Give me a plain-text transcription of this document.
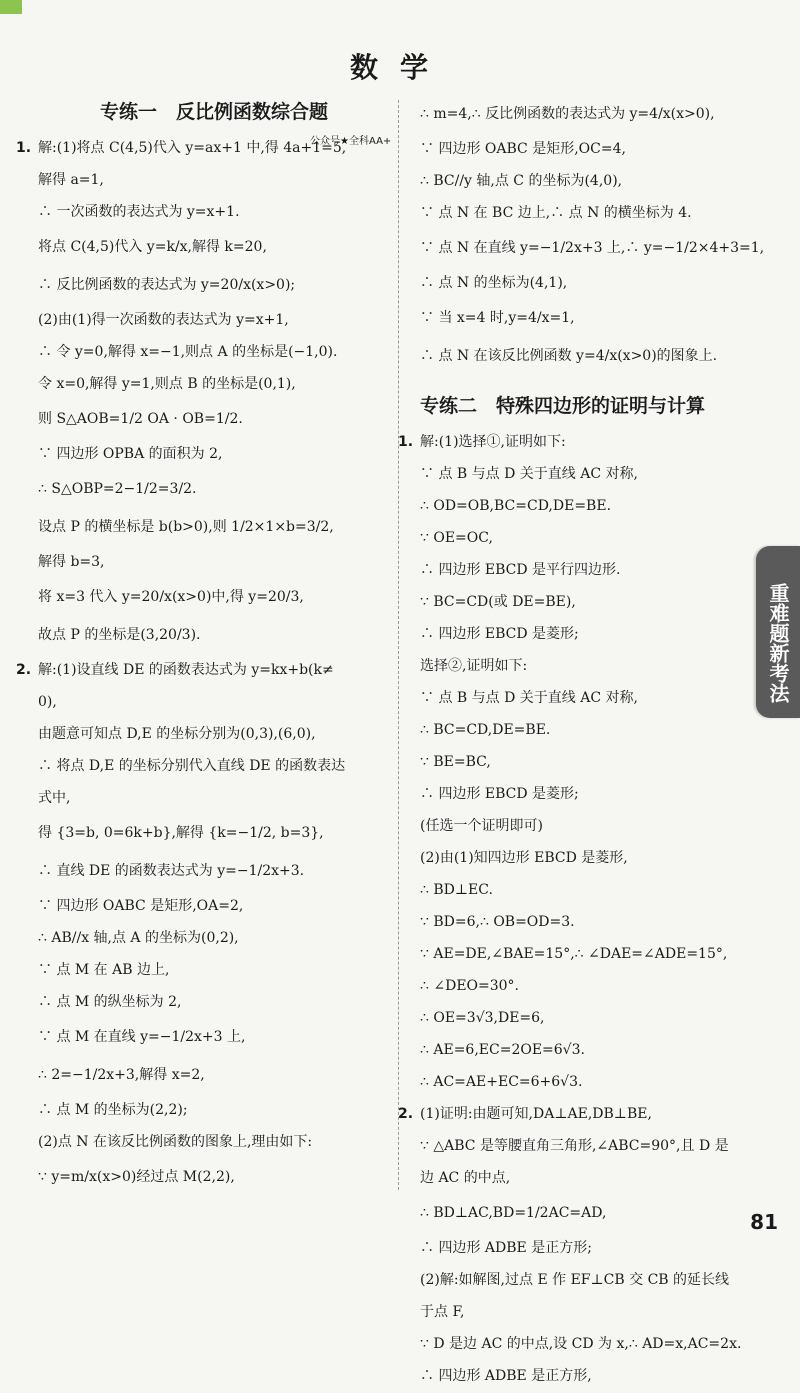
数学
专练一　反比例函数综合题
1. 解:(1)将点 C(4,5)代入 y=ax+1 中,得 4a+1=5,
解得 a=1,
∴ 一次函数的表达式为 y=x+1.
将点 C(4,5)代入 y=k/x,解得 k=20,
∴ 反比例函数的表达式为 y=20/x(x>0);
(2)由(1)得一次函数的表达式为 y=x+1,
∴ 令 y=0,解得 x=−1,则点 A 的坐标是(−1,0).
令 x=0,解得 y=1,则点 B 的坐标是(0,1),
则 S△AOB=1/2 OA · OB=1/2.
∵ 四边形 OPBA 的面积为 2,
∴ S△OBP=2−1/2=3/2.
设点 P 的横坐标是 b(b>0),则 1/2×1×b=3/2,
解得 b=3,
将 x=3 代入 y=20/x(x>0)中,得 y=20/3,
故点 P 的坐标是(3,20/3).
2. 解:(1)设直线 DE 的函数表达式为 y=kx+b(k≠
0),
由题意可知点 D,E 的坐标分别为(0,3),(6,0),
∴ 将点 D,E 的坐标分别代入直线 DE 的函数表达
式中,
得 {3=b, 0=6k+b},解得 {k=−1/2, b=3},
∴ 直线 DE 的函数表达式为 y=−1/2x+3.
∵ 四边形 OABC 是矩形,OA=2,
∴ AB//x 轴,点 A 的坐标为(0,2),
∵ 点 M 在 AB 边上,
∴ 点 M 的纵坐标为 2,
∵ 点 M 在直线 y=−1/2x+3 上,
∴ 2=−1/2x+3,解得 x=2,
∴ 点 M 的坐标为(2,2);
(2)点 N 在该反比例函数的图象上,理由如下:
∵ y=m/x(x>0)经过点 M(2,2),
公众号★全科AA+
∴ m=4,∴ 反比例函数的表达式为 y=4/x(x>0),
∵ 四边形 OABC 是矩形,OC=4,
∴ BC//y 轴,点 C 的坐标为(4,0),
∵ 点 N 在 BC 边上,∴ 点 N 的横坐标为 4.
∵ 点 N 在直线 y=−1/2x+3 上,∴ y=−1/2×4+3=1,
∴ 点 N 的坐标为(4,1),
∵ 当 x=4 时,y=4/x=1,
∴ 点 N 在该反比例函数 y=4/x(x>0)的图象上.
专练二　特殊四边形的证明与计算
1. 解:(1)选择①,证明如下:
∵ 点 B 与点 D 关于直线 AC 对称,
∴ OD=OB,BC=CD,DE=BE.
∵ OE=OC,
∴ 四边形 EBCD 是平行四边形.
∵ BC=CD(或 DE=BE),
∴ 四边形 EBCD 是菱形;
选择②,证明如下:
∵ 点 B 与点 D 关于直线 AC 对称,
∴ BC=CD,DE=BE.
∵ BE=BC,
∴ 四边形 EBCD 是菱形;
(任选一个证明即可)
(2)由(1)知四边形 EBCD 是菱形,
∴ BD⊥EC.
∵ BD=6,∴ OB=OD=3.
∵ AE=DE,∠BAE=15°,∴ ∠DAE=∠ADE=15°,
∴ ∠DEO=30°.
∴ OE=3√3,DE=6,
∴ AE=6,EC=2OE=6√3.
∴ AC=AE+EC=6+6√3.
2. (1)证明:由题可知,DA⊥AE,DB⊥BE,
∵ △ABC 是等腰直角三角形,∠ABC=90°,且 D 是
边 AC 的中点,
∴ BD⊥AC,BD=1/2AC=AD,
∴ 四边形 ADBE 是正方形;
(2)解:如解图,过点 E 作 EF⊥CB 交 CB 的延长线
于点 F,
∵ D 是边 AC 的中点,设 CD 为 x,∴ AD=x,AC=2x.
∴ 四边形 ADBE 是正方形,
重难题新考法
81
